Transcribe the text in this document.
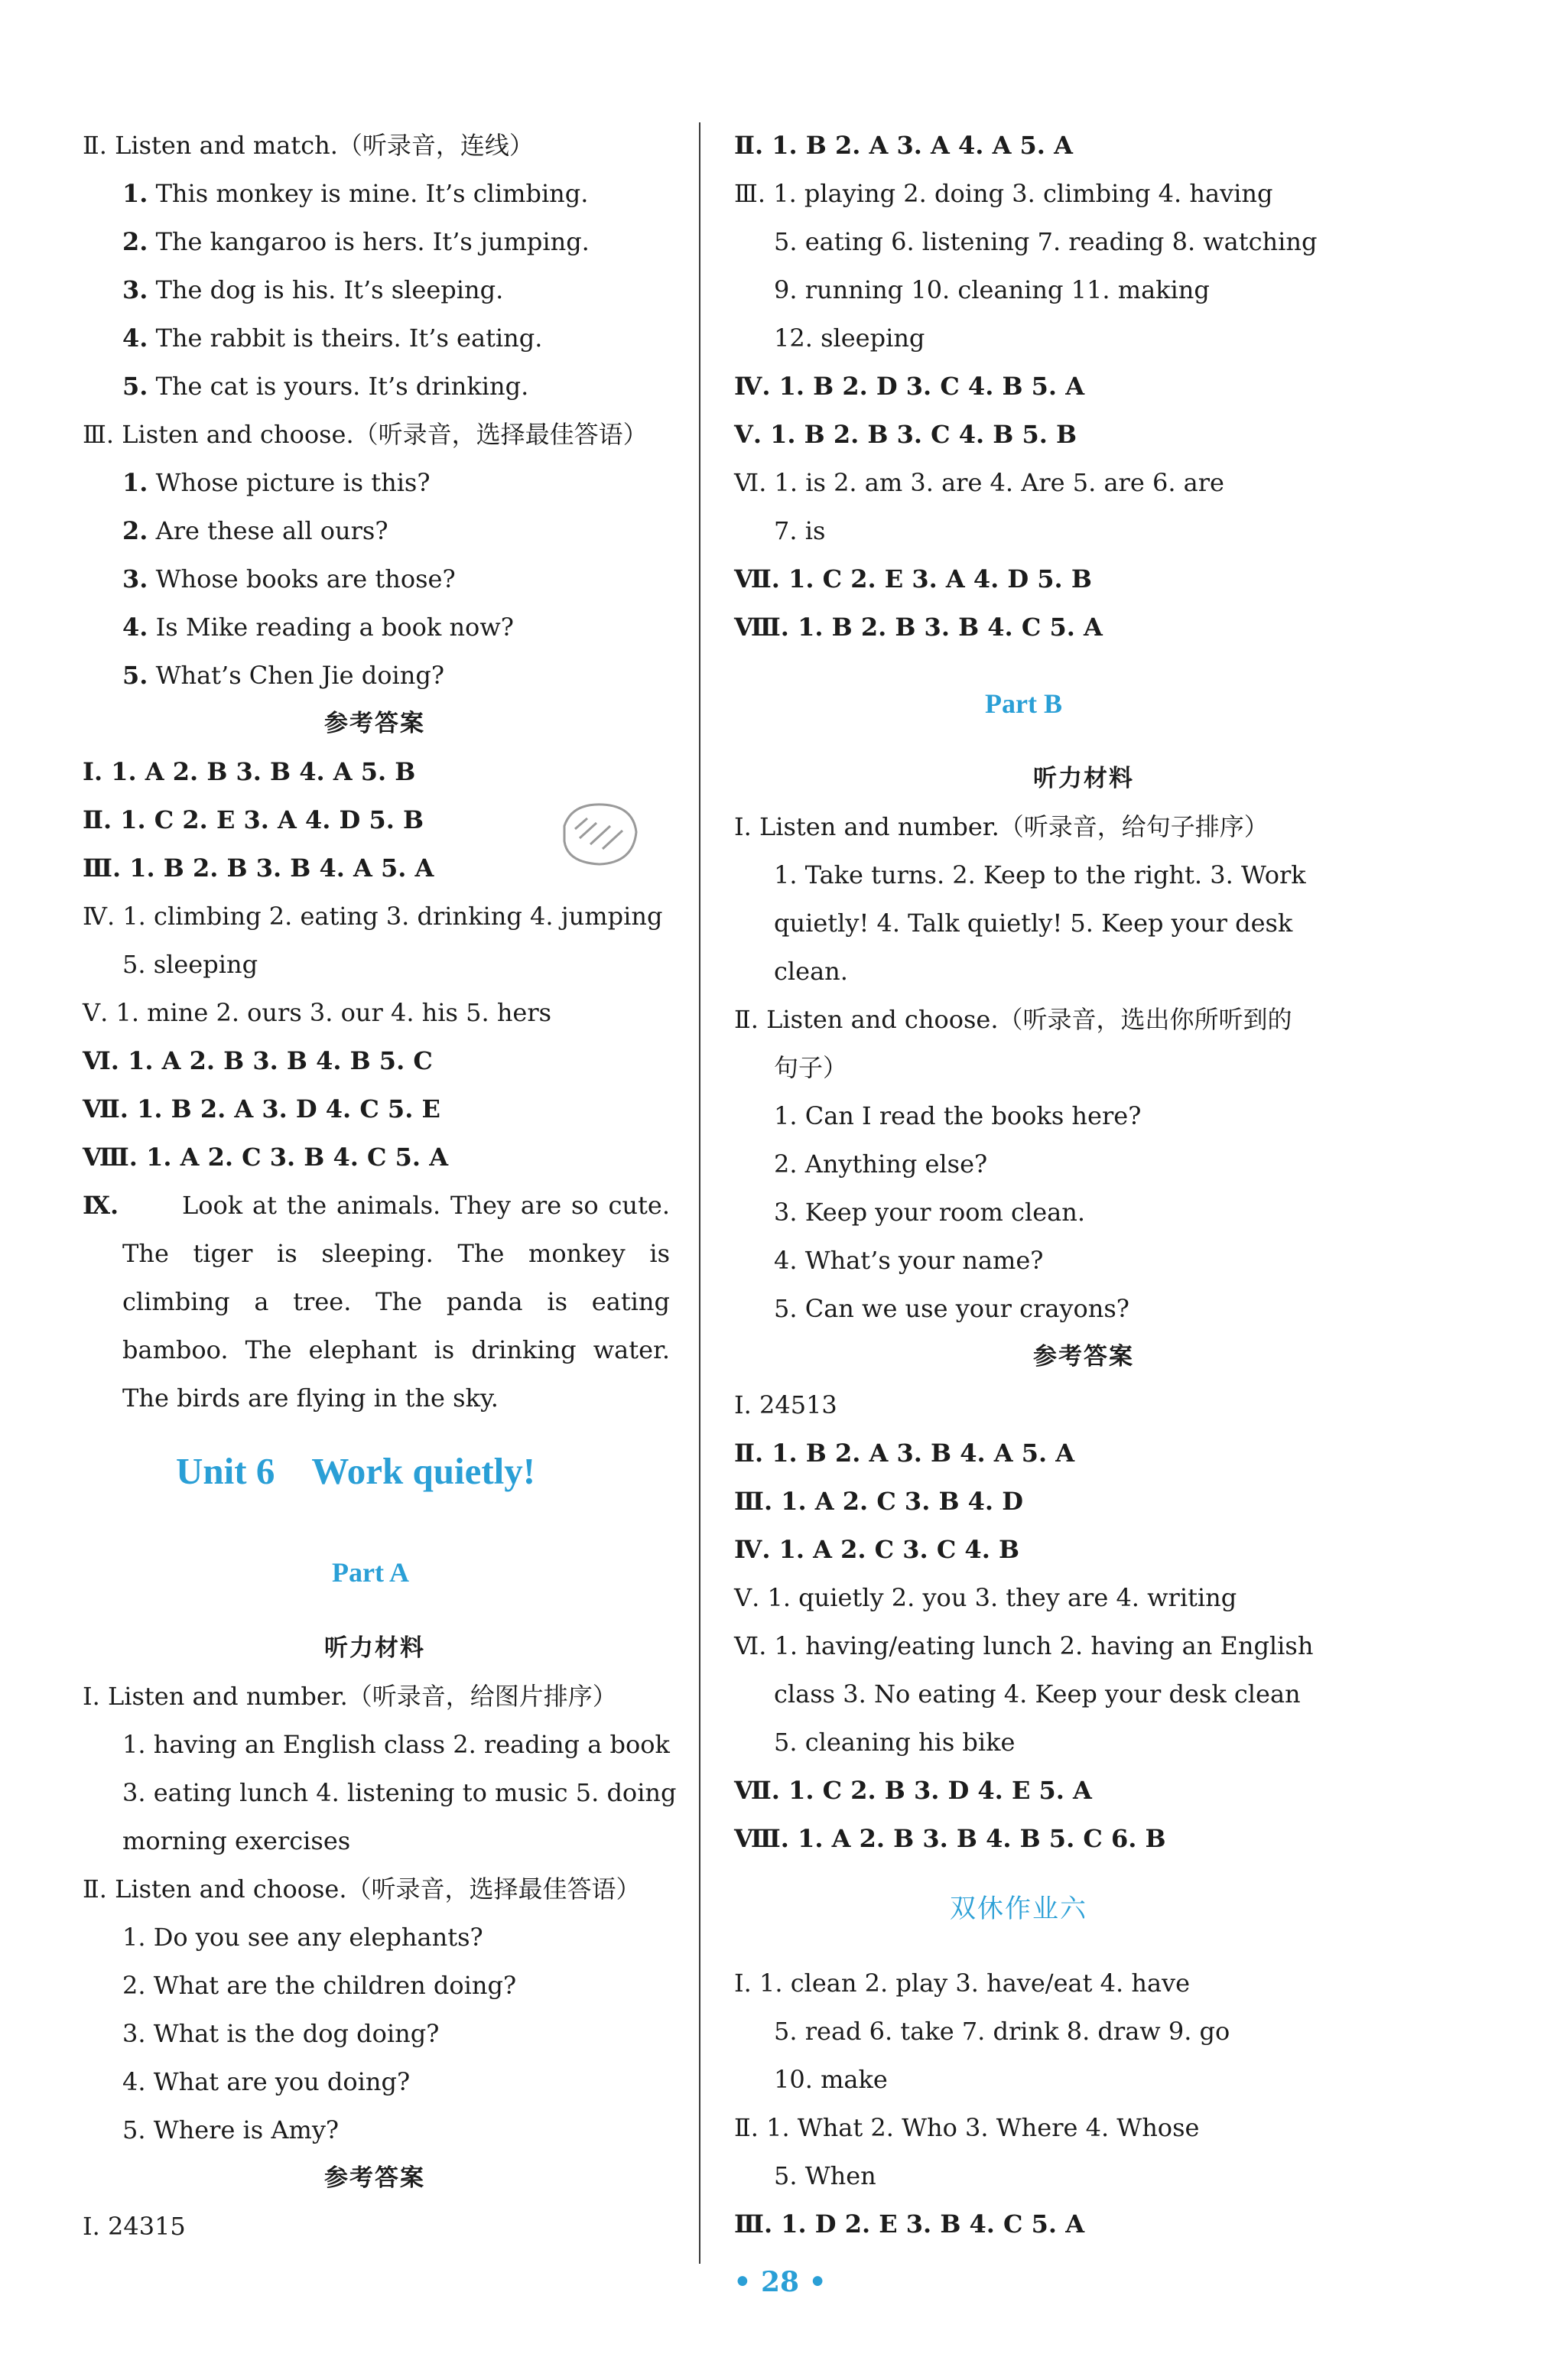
Ⅱ. Listen and match.（听录音，连线）
1. This monkey is mine. It’s climbing.
2. The kangaroo is hers. It’s jumping.
3. The dog is his. It’s sleeping.
4. The rabbit is theirs. It’s eating.
5. The cat is yours. It’s drinking.
Ⅲ. Listen and choose.（听录音，选择最佳答语）
1. Whose picture is this?
2. Are these all ours?
3. Whose books are those?
4. Is Mike reading a book now?
5. What’s Chen Jie doing?
参考答案
Ⅰ. 1. A 2. B 3. B 4. A 5. B
Ⅱ. 1. C 2. E 3. A 4. D 5. B
Ⅲ. 1. B 2. B 3. B 4. A 5. A
Ⅳ. 1. climbing 2. eating 3. drinking 4. jumping
5. sleeping
Ⅴ. 1. mine 2. ours 3. our 4. his 5. hers
Ⅵ. 1. A 2. B 3. B 4. B 5. C
Ⅶ. 1. B 2. A 3. D 4. C 5. E
Ⅷ. 1. A 2. C 3. B 4. C 5. A
Ⅸ.	Look at the animals. They are so cute. The tiger is sleeping. The monkey is climbing a tree. The panda is eating bamboo. The elephant is drinking water. The birds are flying in the sky.
Unit 6    Work quietly!
Part A
听力材料
Ⅰ. Listen and number.（听录音，给图片排序）
1. having an English class 2. reading a book
3. eating lunch 4. listening to music 5. doing
morning exercises
Ⅱ. Listen and choose.（听录音，选择最佳答语）
1. Do you see any elephants?
2. What are the children doing?
3. What is the dog doing?
4. What are you doing?
5. Where is Amy?
参考答案
Ⅰ. 24315
Ⅱ. 1. B 2. A 3. A 4. A 5. A
Ⅲ. 1. playing 2. doing 3. climbing 4. having
5. eating 6. listening 7. reading 8. watching
9. running 10. cleaning 11. making
12. sleeping
Ⅳ. 1. B 2. D 3. C 4. B 5. A
Ⅴ. 1. B 2. B 3. C 4. B 5. B
Ⅵ. 1. is 2. am 3. are 4. Are 5. are 6. are
7. is
Ⅶ. 1. C 2. E 3. A 4. D 5. B
Ⅷ. 1. B 2. B 3. B 4. C 5. A
Part B
听力材料
Ⅰ. Listen and number.（听录音，给句子排序）
1. Take turns. 2. Keep to the right. 3. Work
quietly! 4. Talk quietly! 5. Keep your desk
clean.
Ⅱ. Listen and choose.（听录音，选出你所听到的
句子）
1. Can I read the books here?
2. Anything else?
3. Keep your room clean.
4. What’s your name?
5. Can we use your crayons?
参考答案
Ⅰ. 24513
Ⅱ. 1. B 2. A 3. B 4. A 5. A
Ⅲ. 1. A 2. C 3. B 4. D
Ⅳ. 1. A 2. C 3. C 4. B
Ⅴ. 1. quietly 2. you 3. they are 4. writing
Ⅵ. 1. having/eating lunch 2. having an English
class 3. No eating 4. Keep your desk clean
5. cleaning his bike
Ⅶ. 1. C 2. B 3. D 4. E 5. A
Ⅷ. 1. A 2. B 3. B 4. B 5. C 6. B
双休作业六
Ⅰ. 1. clean 2. play 3. have/eat 4. have
5. read 6. take 7. drink 8. draw 9. go
10. make
Ⅱ. 1. What 2. Who 3. Where 4. Whose
5. When
Ⅲ. 1. D 2. E 3. B 4. C 5. A
• 28 •
